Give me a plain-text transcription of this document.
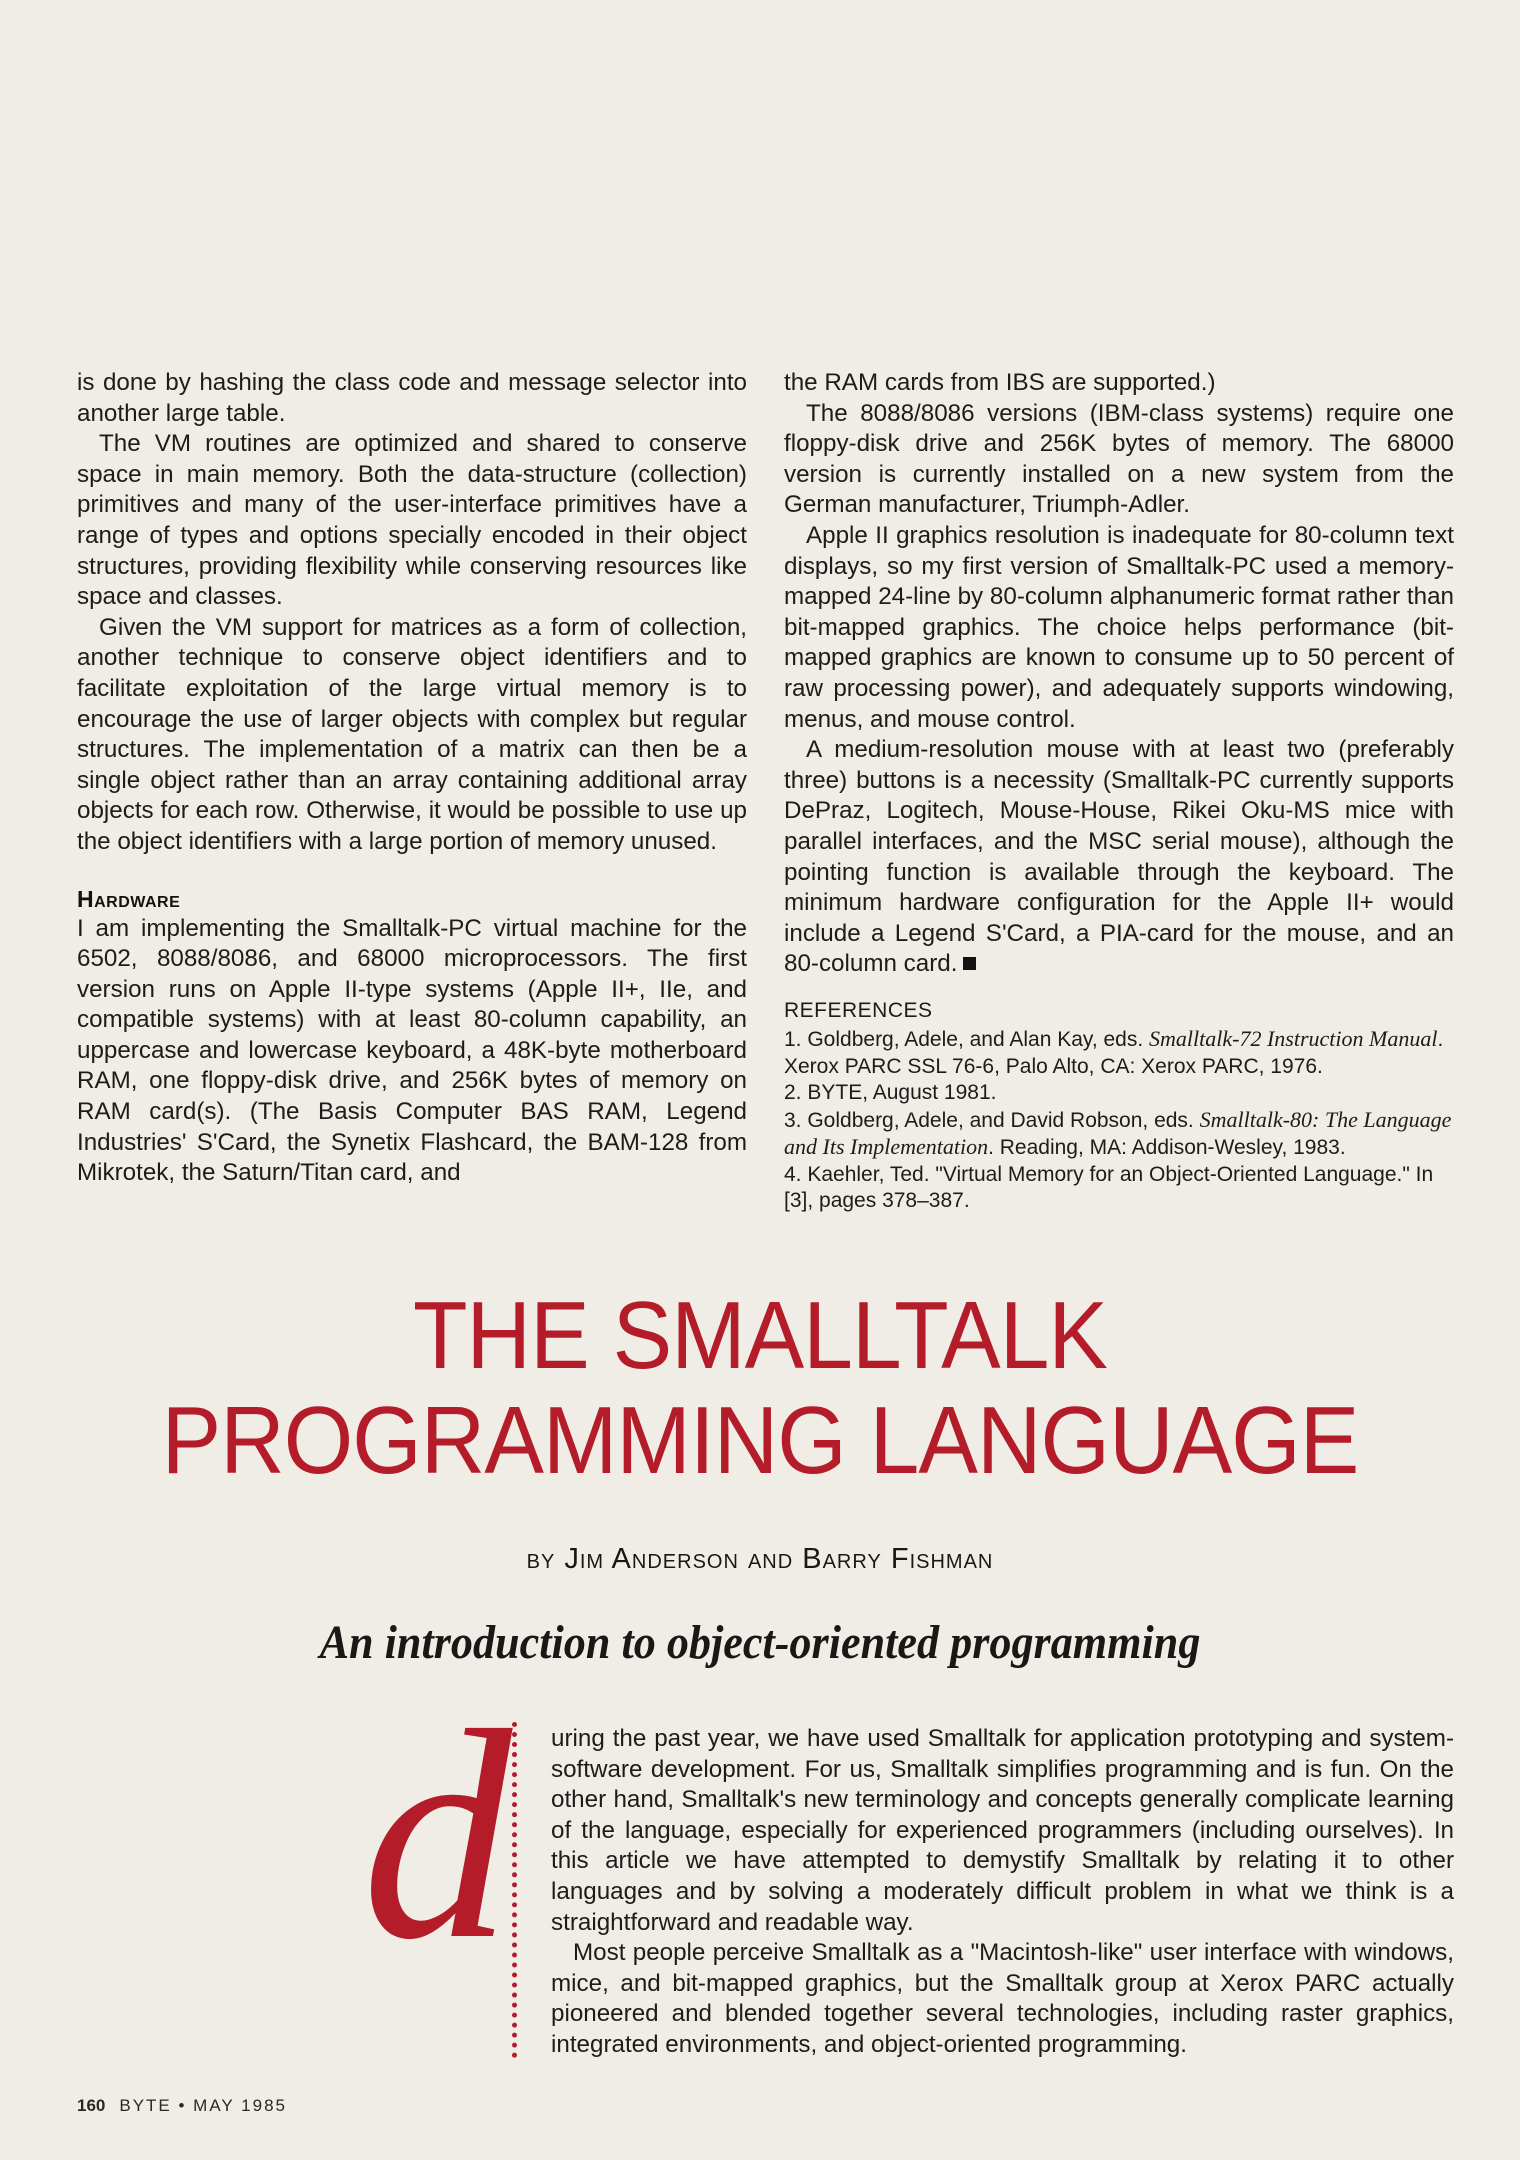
is done by hashing the class code and message selector into another large table.

The VM routines are optimized and shared to conserve space in main memory. Both the data-structure (collection) primitives and many of the user-interface primitives have a range of types and options specially encoded in their object structures, providing flexibility while conserving resources like space and classes.

Given the VM support for matrices as a form of collection, another technique to conserve object identifiers and to facilitate exploitation of the large virtual memory is to encourage the use of larger objects with complex but regular structures. The implementation of a matrix can then be a single object rather than an array containing additional array objects for each row. Otherwise, it would be possible to use up the object identifiers with a large portion of memory unused.

Hardware

I am implementing the Smalltalk-PC virtual machine for the 6502, 8088/8086, and 68000 microprocessors. The first version runs on Apple II-type systems (Apple II+, IIe, and compatible systems) with at least 80-column capability, an uppercase and lowercase keyboard, a 48K-byte motherboard RAM, one floppy-disk drive, and 256K bytes of memory on RAM card(s). (The Basis Computer BAS RAM, Legend Industries' S'Card, the Synetix Flashcard, the BAM-128 from Mikrotek, the Saturn/Titan card, and

the RAM cards from IBS are supported.)

The 8088/8086 versions (IBM-class systems) require one floppy-disk drive and 256K bytes of memory. The 68000 version is currently installed on a new system from the German manufacturer, Triumph-Adler.

Apple II graphics resolution is inadequate for 80-column text displays, so my first version of Smalltalk-PC used a memory-mapped 24-line by 80-column alphanumeric format rather than bit-mapped graphics. The choice helps performance (bit-mapped graphics are known to consume up to 50 percent of raw processing power), and adequately supports windowing, menus, and mouse control.

A medium-resolution mouse with at least two (preferably three) buttons is a necessity (Smalltalk-PC currently supports DePraz, Logitech, Mouse-House, Rikei Oku-MS mice with parallel interfaces, and the MSC serial mouse), although the pointing function is available through the keyboard. The minimum hardware configuration for the Apple II+ would include a Legend S'Card, a PIA-card for the mouse, and an 80-column card.

REFERENCES

1. Goldberg, Adele, and Alan Kay, eds. Smalltalk-72 Instruction Manual. Xerox PARC SSL 76-6, Palo Alto, CA: Xerox PARC, 1976.

2. BYTE, August 1981.

3. Goldberg, Adele, and David Robson, eds. Smalltalk-80: The Language and Its Implementation. Reading, MA: Addison-Wesley, 1983.

4. Kaehler, Ted. "Virtual Memory for an Object-Oriented Language." In [3], pages 378–387.

THE SMALLTALK
PROGRAMMING LANGUAGE
by Jim Anderson and Barry Fishman
An introduction to object-oriented programming
d uring the past year, we have used Smalltalk for application prototyping and system-software development. For us, Smalltalk simplifies programming and is fun. On the other hand, Smalltalk's new terminology and concepts generally complicate learning of the language, especially for experienced programmers (including ourselves). In this article we have attempted to demystify Smalltalk by relating it to other languages and by solving a moderately difficult problem in what we think is a straightforward and readable way.

Most people perceive Smalltalk as a "Macintosh-like" user interface with windows, mice, and bit-mapped graphics, but the Smalltalk group at Xerox PARC actually pioneered and blended together several technologies, including raster graphics, integrated environments, and object-oriented programming.

160 BYTE • MAY 1985
